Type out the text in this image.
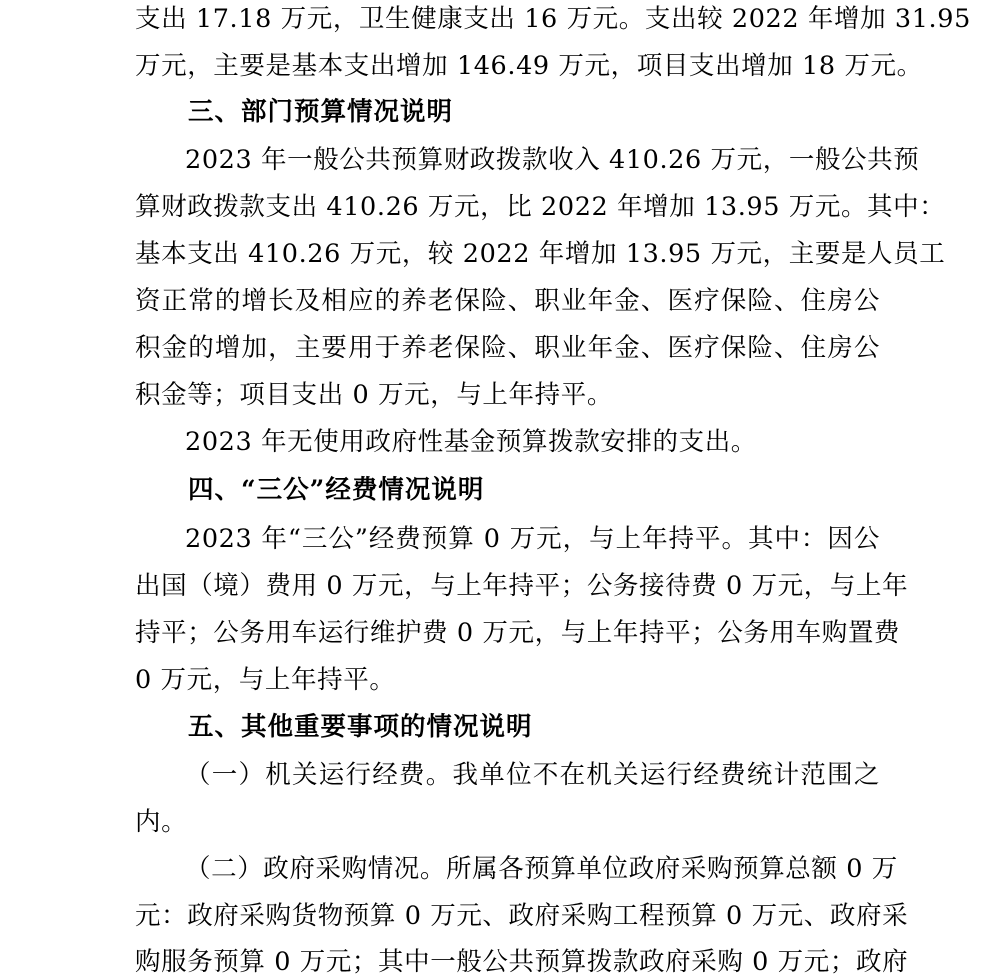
支出 17.18 万元，卫生健康支出 16 万元。支出较 2022 年增加 31.95
万元，主要是基本支出增加 146.49 万元，项目支出增加 18 万元。
三、部门预算情况说明
2023 年一般公共预算财政拨款收入 410.26 万元，一般公共预
算财政拨款支出 410.26 万元，比 2022 年增加 13.95 万元。其中：
基本支出 410.26 万元，较 2022 年增加 13.95 万元，主要是人员工
资正常的增长及相应的养老保险、职业年金、医疗保险、住房公
积金的增加，主要用于养老保险、职业年金、医疗保险、住房公
积金等；项目支出 0 万元，与上年持平。
2023 年无使用政府性基金预算拨款安排的支出。
四、“三公”经费情况说明
2023 年“三公”经费预算 0 万元，与上年持平。其中：因公
出国（境）费用 0 万元，与上年持平；公务接待费 0 万元，与上年
持平；公务用车运行维护费 0 万元，与上年持平；公务用车购置费
0 万元，与上年持平。
五、其他重要事项的情况说明
（一）机关运行经费。我单位不在机关运行经费统计范围之
内。
（二）政府采购情况。所属各预算单位政府采购预算总额 0 万
元：政府采购货物预算 0 万元、政府采购工程预算 0 万元、政府采
购服务预算 0 万元；其中一般公共预算拨款政府采购 0 万元；政府
